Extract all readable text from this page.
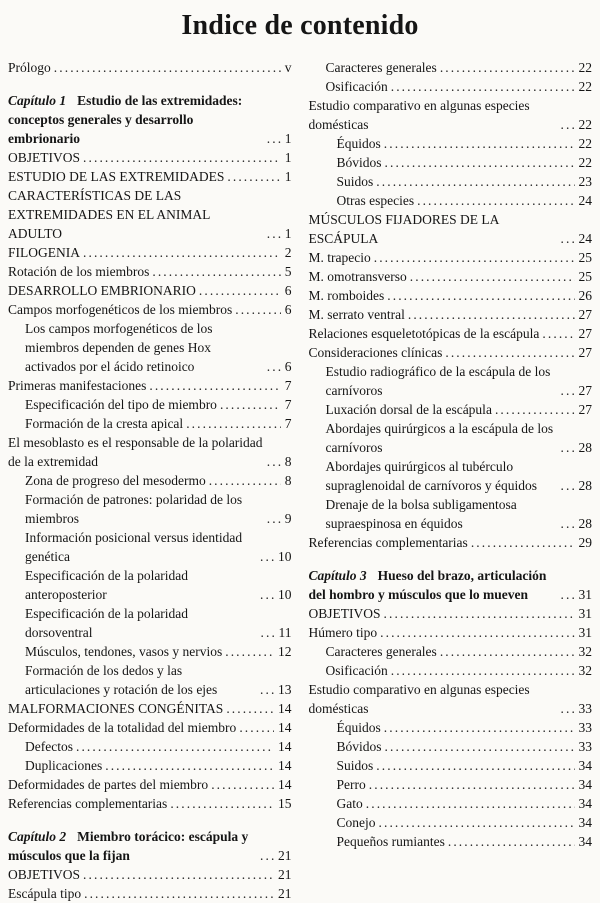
Indice de contenido
Prólogo .....	v
Capítulo 1 Estudio de las extremidades: conceptos generales y desarrollo embrionario .....	1
OBJETIVOS .....	1
ESTUDIO DE LAS EXTREMIDADES .....	1
CARACTERÍSTICAS DE LAS EXTREMIDADES EN EL ANIMAL ADULTO .....	1
FILOGENIA .....	2
Rotación de los miembros .....	5
DESARROLLO EMBRIONARIO .....	6
Campos morfogenéticos de los miembros .....	6
Los campos morfogenéticos de los miembros dependen de genes Hox activados por el ácido retinoico .....	6
Primeras manifestaciones .....	7
Especificación del tipo de miembro .....	7
Formación de la cresta apical .....	7
El mesoblasto es el responsable de la polaridad de la extremidad .....	8
Zona de progreso del mesodermo .....	8
Formación de patrones: polaridad de los miembros .....	9
Información posicional versus identidad genética .....	10
Especificación de la polaridad anteroposterior .....	10
Especificación de la polaridad dorsoventral .....	11
Músculos, tendones, vasos y nervios .....	12
Formación de los dedos y las articulaciones y rotación de los ejes .....	13
MALFORMACIONES CONGÉNITAS .....	14
Deformidades de la totalidad del miembro .....	14
Defectos .....	14
Duplicaciones .....	14
Deformidades de partes del miembro .....	14
Referencias complementarias .....	15
Capítulo 2 Miembro torácico: escápula y músculos que la fijan .....	21
OBJETIVOS .....	21
Escápula tipo .....	21
Caracteres generales .....	22
Osificación .....	22
Estudio comparativo en algunas especies domésticas .....	22
Équidos .....	22
Bóvidos .....	22
Suidos .....	23
Otras especies .....	24
MÚSCULOS FIJADORES DE LA ESCÁPULA .....	24
M. trapecio .....	25
M. omotransverso .....	25
M. romboides .....	26
M. serrato ventral .....	27
Relaciones esqueletotópicas de la escápula .....	27
Consideraciones clínicas .....	27
Estudio radiográfico de la escápula de los carnívoros .....	27
Luxación dorsal de la escápula .....	27
Abordajes quirúrgicos a la escápula de los carnívoros .....	28
Abordajes quirúrgicos al tubérculo supraglenoidal de carnívoros y équidos .....	28
Drenaje de la bolsa subligamentosa supraespinosa en équidos .....	28
Referencias complementarias .....	29
Capítulo 3 Hueso del brazo, articulación del hombro y músculos que lo mueven .....	31
OBJETIVOS .....	31
Húmero tipo .....	31
Caracteres generales .....	32
Osificación .....	32
Estudio comparativo en algunas especies domésticas .....	33
Équidos .....	33
Bóvidos .....	33
Suidos .....	34
Perro .....	34
Gato .....	34
Conejo .....	34
Pequeños rumiantes .....	34
